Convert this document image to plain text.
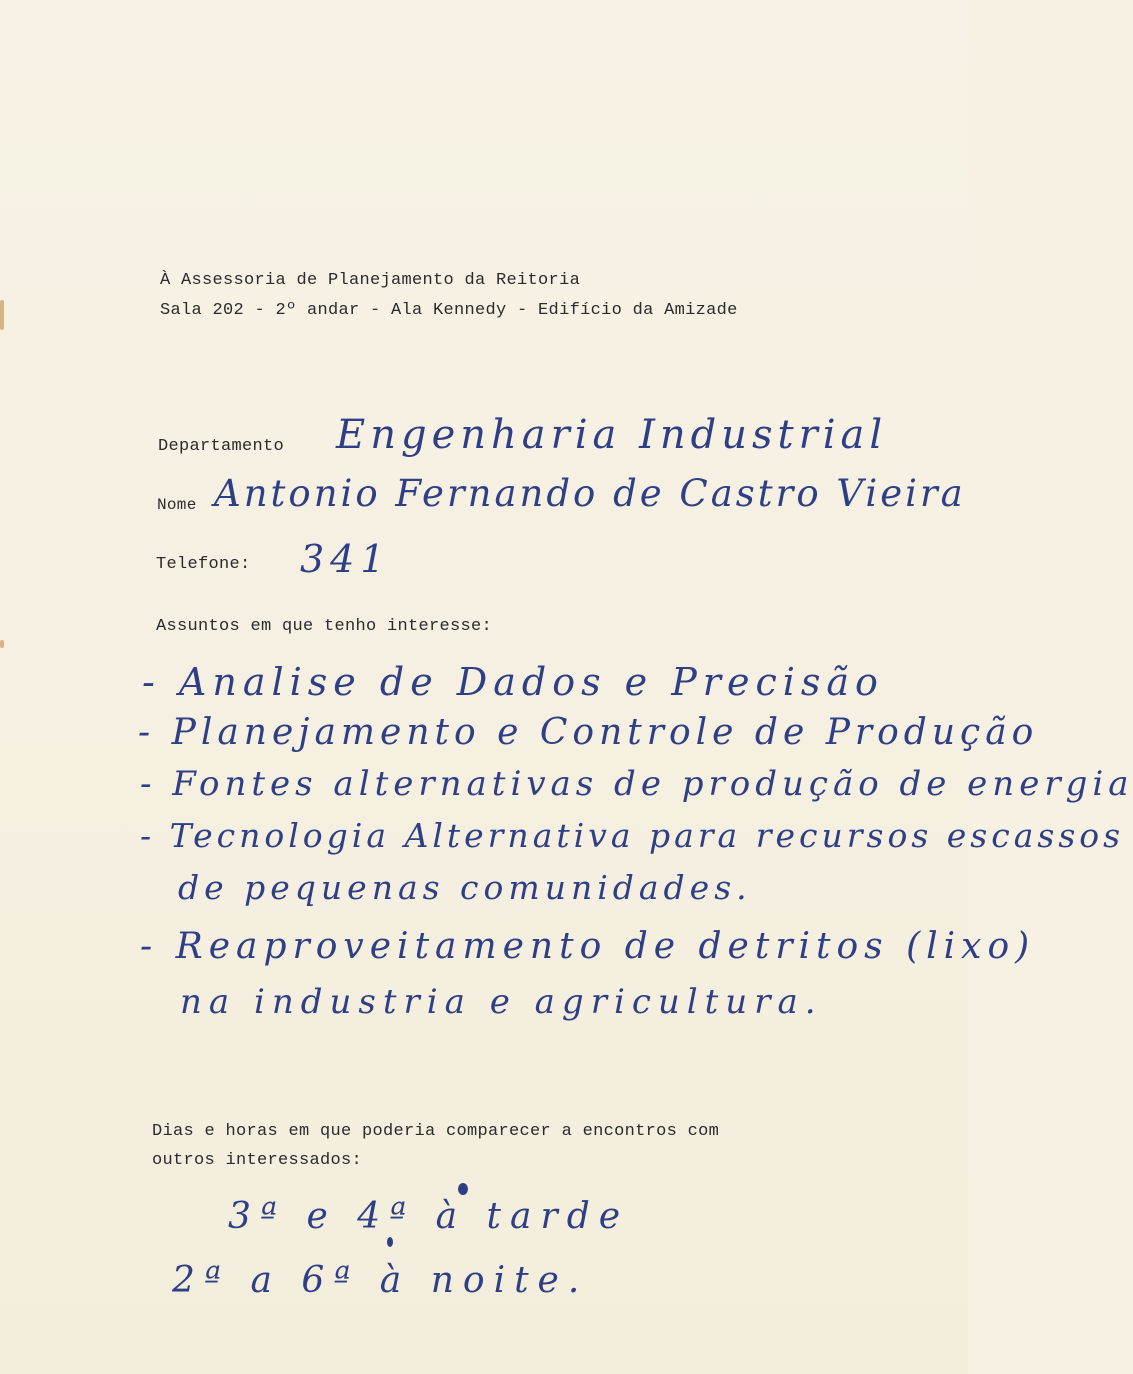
À Assessoria de Planejamento da Reitoria
Sala 202 - 2º andar - Ala Kennedy - Edifício da Amizade
Departamento Engenharia Industrial
Nome Antonio Fernando de Castro Vieira
Telefone: 341
Assuntos em que tenho interesse:
- Analise de Dados e Precisão
- Planejamento e Controle de Produção
- Fontes alternativas de produção de energia
- Tecnologia Alternativa para recursos escassos
de pequenas comunidades.
- Reaproveitamento de detritos (lixo)
na industria e agricultura.
Dias e horas em que poderia comparecer a encontros com
outros interessados:
3ª e 4ª à tarde
2ª a 6ª à noite.
